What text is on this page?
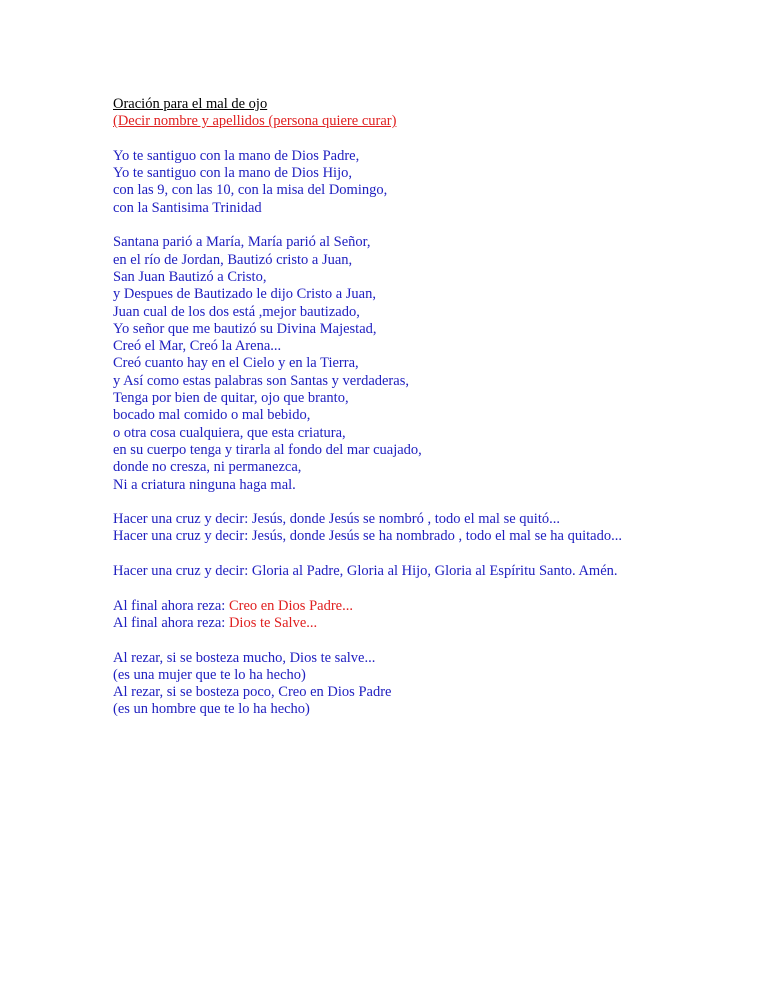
Oración para el mal de ojo
(Decir nombre y apellidos (persona quiere curar)
Yo te santiguo con la mano de Dios Padre,
Yo te santiguo con la mano de Dios Hijo,
con las 9, con las 10, con la misa del Domingo,
con la Santisima Trinidad
Santana parió a María, María parió al Señor,
en el río de Jordan, Bautizó cristo a Juan,
San Juan Bautizó a Cristo,
y Despues de Bautizado le dijo Cristo a Juan,
Juan cual de los dos está ,mejor bautizado,
Yo señor que me bautizó su Divina Majestad,
Creó el Mar, Creó la Arena...
Creó cuanto hay en el Cielo y en la Tierra,
y Así como estas palabras son Santas y verdaderas,
Tenga por bien de quitar, ojo que branto,
bocado mal comido o mal bebido,
o otra cosa cualquiera, que esta criatura,
en su cuerpo tenga y tirarla al fondo del mar cuajado,
donde no cresza, ni permanezca,
Ni a criatura ninguna haga mal.
Hacer una cruz y decir: Jesús, donde Jesús se nombró , todo el mal se quitó...
Hacer una cruz y decir: Jesús, donde Jesús se ha nombrado , todo el mal se ha quitado...
Hacer una cruz y decir: Gloria al Padre, Gloria al Hijo, Gloria al Espíritu Santo. Amén.
Al final ahora reza: Creo en Dios Padre...
Al final ahora reza: Dios te Salve...
Al rezar, si se bosteza mucho, Dios te salve...
(es una mujer que te lo ha hecho)
Al rezar, si se bosteza poco, Creo en Dios Padre
(es un hombre que te lo ha hecho)
